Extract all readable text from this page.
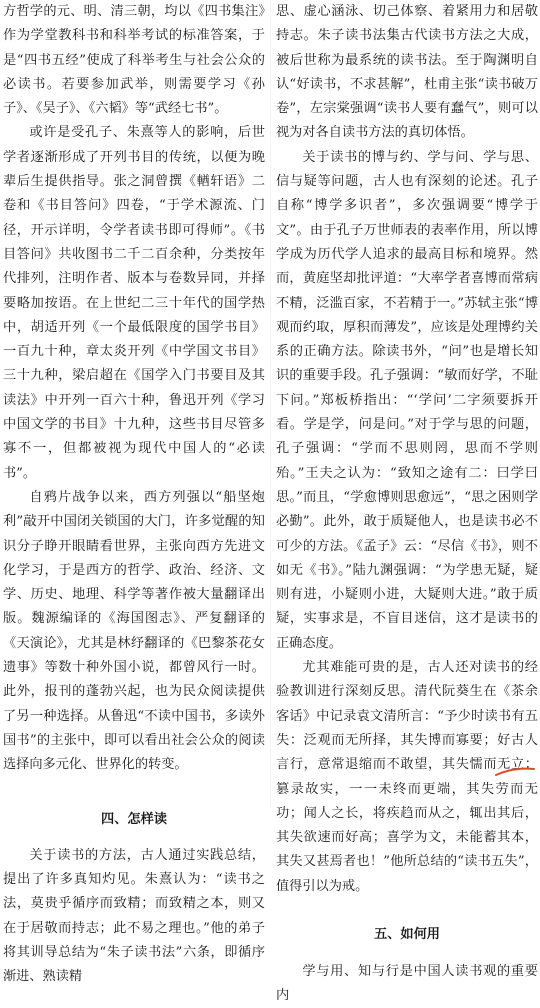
方哲学的元、明、清三朝，均以《四书集注》作为学堂教科书和科举考试的标准答案，于是“四书五经”使成了科举考生与社会公众的必读书。若要参加武举，则需要学习《孙子》、《吴子》、《六韬》等“武经七书”。

或许是受孔子、朱熹等人的影响，后世学者逐渐形成了开列书目的传统，以便为晚辈后生提供指导。张之洞曾撰《輶轩语》二卷和《书目答问》四卷，“于学术源流、门径，开示详明，令学者读书即可得师”。《书目答问》共收图书二千二百余种，分类按年代排列，注明作者、版本与卷数异同，并择要略加按语。在上世纪二三十年代的国学热中，胡适开列《一个最低限度的国学书目》一百九十种，章太炎开列《中学国文书目》三十九种，梁启超在《国学入门书要目及其读法》中开列一百六十种，鲁迅开列《学习中国文学的书目》十九种，这些书目尽管多寡不一，但都被视为现代中国人的“必读书”。

自鸦片战争以来，西方列强以“船坚炮利”敲开中国闭关锁国的大门，许多觉醒的知识分子睁开眼睛看世界，主张向西方先进文化学习，于是西方的哲学、政治、经济、文学、历史、地理、科学等著作被大量翻译出版。魏源编译的《海国图志》、严复翻译的《天演论》，尤其是林纾翻译的《巴黎茶花女遗事》等数十种外国小说，都曾风行一时。此外，报刊的蓬勃兴起，也为民众阅读提供了另一种选择。从鲁迅“不读中国书，多读外国书”的主张中，即可以看出社会公众的阅读选择向多元化、世界化的转变。

四、怎样读

关于读书的方法，古人通过实践总结，提出了许多真知灼见。朱熹认为：“读书之法，莫贵乎循序而致精；而致精之本，则又在于居敬而持志；此不易之理也。”他的弟子将其训导总结为“朱子读书法”六条，即循序渐进、熟读精

思、虚心涵泳、切己体察、着紧用力和居敬持志。朱子读书法集古代读书方法之大成，被后世称为最系统的读书法。至于陶渊明自认“好读书，不求甚解”，杜甫主张“读书破万卷”，左宗棠强调“读书人要有蠢气”，则可以视为对各自读书方法的真切体悟。

关于读书的博与约、学与问、学与思、信与疑等问题，古人也有深刻的论述。孔子自称“博学多识者”，多次强调要“博学于文”。由于孔子万世师表的表率作用，所以博学成为历代学人追求的最高目标和境界。然而，黄庭坚却批评道：“大率学者喜博而常病不精，泛滥百家，不若精于一。”苏轼主张“博观而约取，厚积而薄发”，应该是处理博约关系的正确方法。除读书外，“问”也是增长知识的重要手段。孔子强调：“敏而好学，不耻下问。”郑板桥指出：“‘学问’二字须要拆开看。学是学，问是问。”对于学与思的问题，孔子强调：“学而不思则罔，思而不学则殆。”王夫之认为：“致知之途有二：曰学曰思。”而且，“学愈博则思愈远”，“思之困则学必勤”。此外，敢于质疑他人，也是读书必不可少的方法。《孟子》云：“尽信《书》，则不如无《书》。”陆九渊强调：“为学患无疑，疑则有进，小疑则小进，大疑则大进。”敢于质疑，实事求是，不盲目迷信，这才是读书的正确态度。

尤其难能可贵的是，古人还对读书的经验教训进行深刻反思。清代阮葵生在《茶余客话》中记录袁文清所言：“予少时读书有五失：泛观而无所择，其失博而寡要；好古人言行，意常退缩而不敢望，其失懦而无立；篡录故实，一一未终而更端，其失劳而无功；闻人之长，将疾趋而从之，辄出其后，其失欲速而好高；喜学为文，未能蓄其本，其失又甚焉者也！”他所总结的“读书五失”，值得引以为戒。

五、如何用

学与用、知与行是中国人读书观的重要内
